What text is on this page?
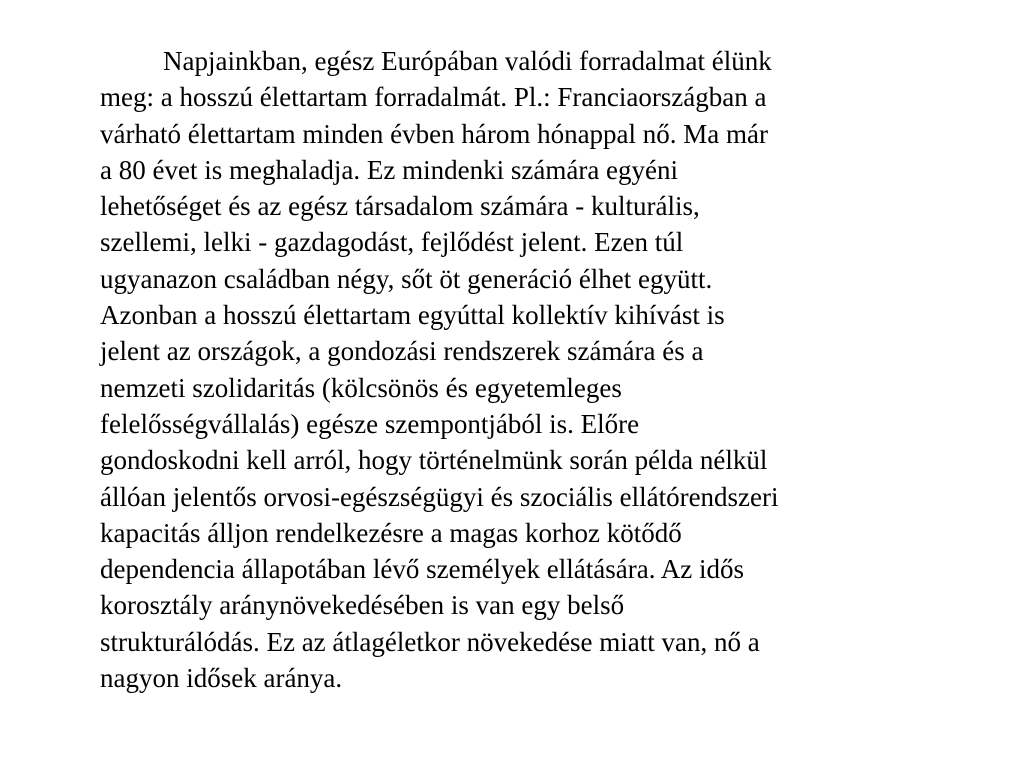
Napjainkban, egész Európában valódi forradalmat élünk
meg: a hosszú élettartam forradalmát. Pl.: Franciaországban a
várható élettartam minden évben három hónappal nő. Ma már
a 80 évet is meghaladja. Ez mindenki számára egyéni
lehetőséget és az egész társadalom számára - kulturális,
szellemi, lelki - gazdagodást, fejlődést jelent. Ezen túl
ugyanazon családban négy, sőt öt generáció élhet együtt.
Azonban a hosszú élettartam egyúttal kollektív kihívást is
jelent az országok, a gondozási rendszerek számára és a
nemzeti szolidaritás (kölcsönös és egyetemleges
felelősségvállalás) egésze szempontjából is. Előre
gondoskodni kell arról, hogy történelmünk során példa nélkül
állóan jelentős orvosi-egészségügyi és szociális ellátórendszeri
kapacitás álljon rendelkezésre a magas korhoz kötődő
dependencia állapotában lévő személyek ellátására. Az idős
korosztály aránynövekedésében is van egy belső
strukturálódás. Ez az átlagéletkor növekedése miatt van, nő a
nagyon idősek aránya.
